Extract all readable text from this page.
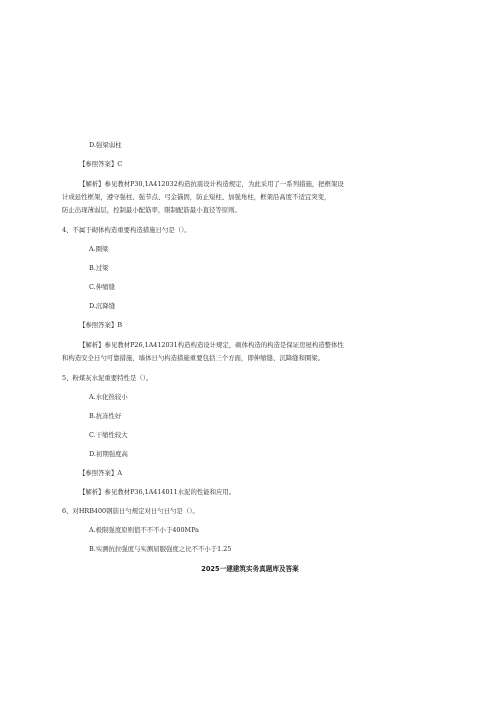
D.强梁弱柱
【参照答案】C
【解析】参见教材P30,1A412032构造抗震设计构造规定，为此采用了一系列措施，把框架设
计成延性框架，遵守强柱、强节点、弓金锚固，防止短柱、加强角柱，框架沿高度不适宜突变，
防止出现薄弱层，控制最小配筋率，限制配筋最小直径等原则。
4、不属于砌体构造重要构造措施日勺是（）。
A.圈梁
B.过梁
C.伸缩缝
D.沉降缝
【参照答案】B
【解析】参见教材P26,1A412031构造构造设计规定，砌体构造的构造是保证房屋构造整体性
和构造安全日勺可靠措施，墙体日勺构造措施重要包括三个方面，即伸缩缝、沉降缝和圈梁。
5、粉煤灰水泥重要特性是（）。
A.水化热较小
B.抗冻性好
C.干缩性较大
D.初期强度高
【参照答案】A
【解析】参见教材P36,1A414011水泥的性能和应用。
6、对HRB400钢筋日勺规定对日勺日勺是（）。
A.极限强度原则值不不不小于400MPa
B.实测抗拉强度与实测屈服强度之比不不小于1.25
2025一建建筑实务真题库及答案
